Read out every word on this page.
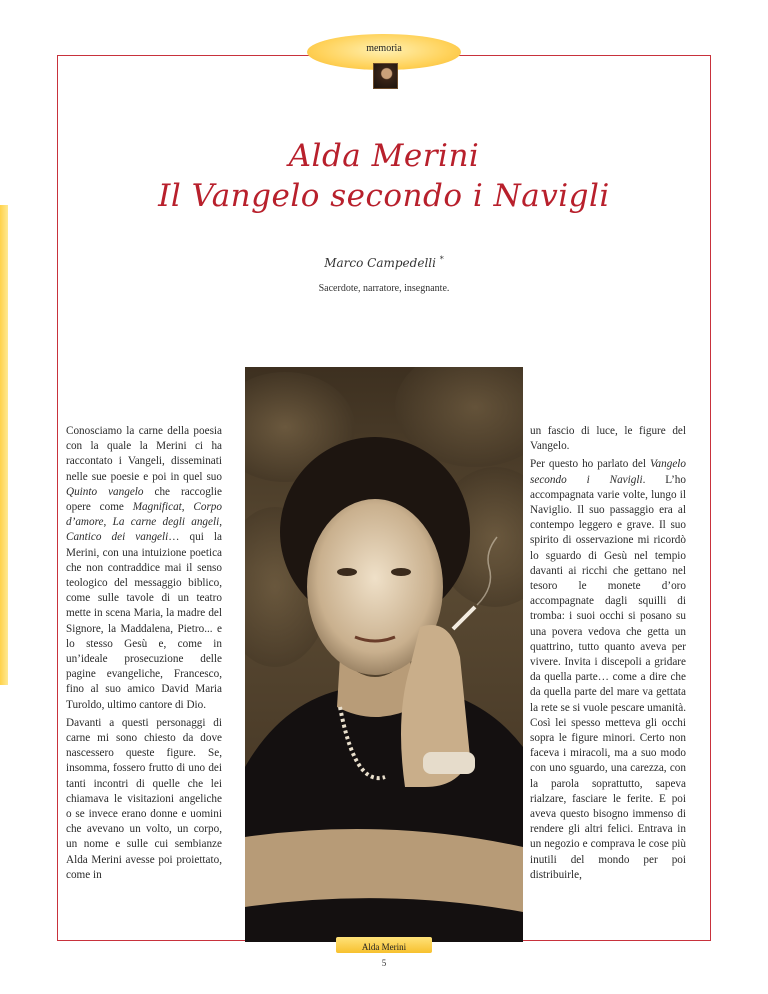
memoria
Alda Merini
Il Vangelo secondo i Navigli
Marco Campedelli *
Sacerdote, narratore, insegnante.

Conosciamo la carne della poesia con la quale la Merini ci ha raccontato i Vangeli, disseminati nelle sue poesie e poi in quel suo Quinto vangelo che raccoglie opere come Magnificat, Corpo d’amore, La carne degli angeli, Cantico dei vangeli… qui la Merini, con una intuizione poetica che non contraddice mai il senso teologico del messaggio biblico, come sulle tavole di un teatro mette in scena Maria, la madre del Signore, la Maddalena, Pietro... e lo stesso Gesù e, come in un’ideale prosecuzione delle pagine evangeliche, Francesco, fino al suo amico David Maria Turoldo, ultimo cantore di Dio.

Davanti a questi personaggi di carne mi sono chiesto da dove nascessero queste figure. Se, insomma, fossero frutto di uno dei tanti incontri di quelle che lei chiamava le visitazioni angeliche o se invece erano donne e uomini che avevano un volto, un corpo, un nome e sulle cui sembianze Alda Merini avesse poi proiettato, come in

un fascio di luce, le figure del Vangelo.

Per questo ho parlato del Vangelo secondo i Navigli. L’ho accompagnata varie volte, lungo il Naviglio. Il suo passaggio era al contempo leggero e grave. Il suo spirito di osservazione mi ricordò lo sguardo di Gesù nel tempio davanti ai ricchi che gettano nel tesoro le monete d’oro accompagnate dagli squilli di tromba: i suoi occhi si posano su una povera vedova che getta un quattrino, tutto quanto aveva per vivere. Invita i discepoli a gridare da quella parte… come a dire che da quella parte del mare va gettata la rete se si vuole pescare umanità. Così lei spesso metteva gli occhi sopra le figure minori. Certo non faceva i miracoli, ma a suo modo con uno sguardo, una carezza, con la parola soprattutto, sapeva rialzare, fasciare le ferite. E poi aveva questo bisogno immenso di rendere gli altri felici. Entrava in un negozio e comprava le cose più inutili del mondo per poi distribuirle,

Alda Merini
5
